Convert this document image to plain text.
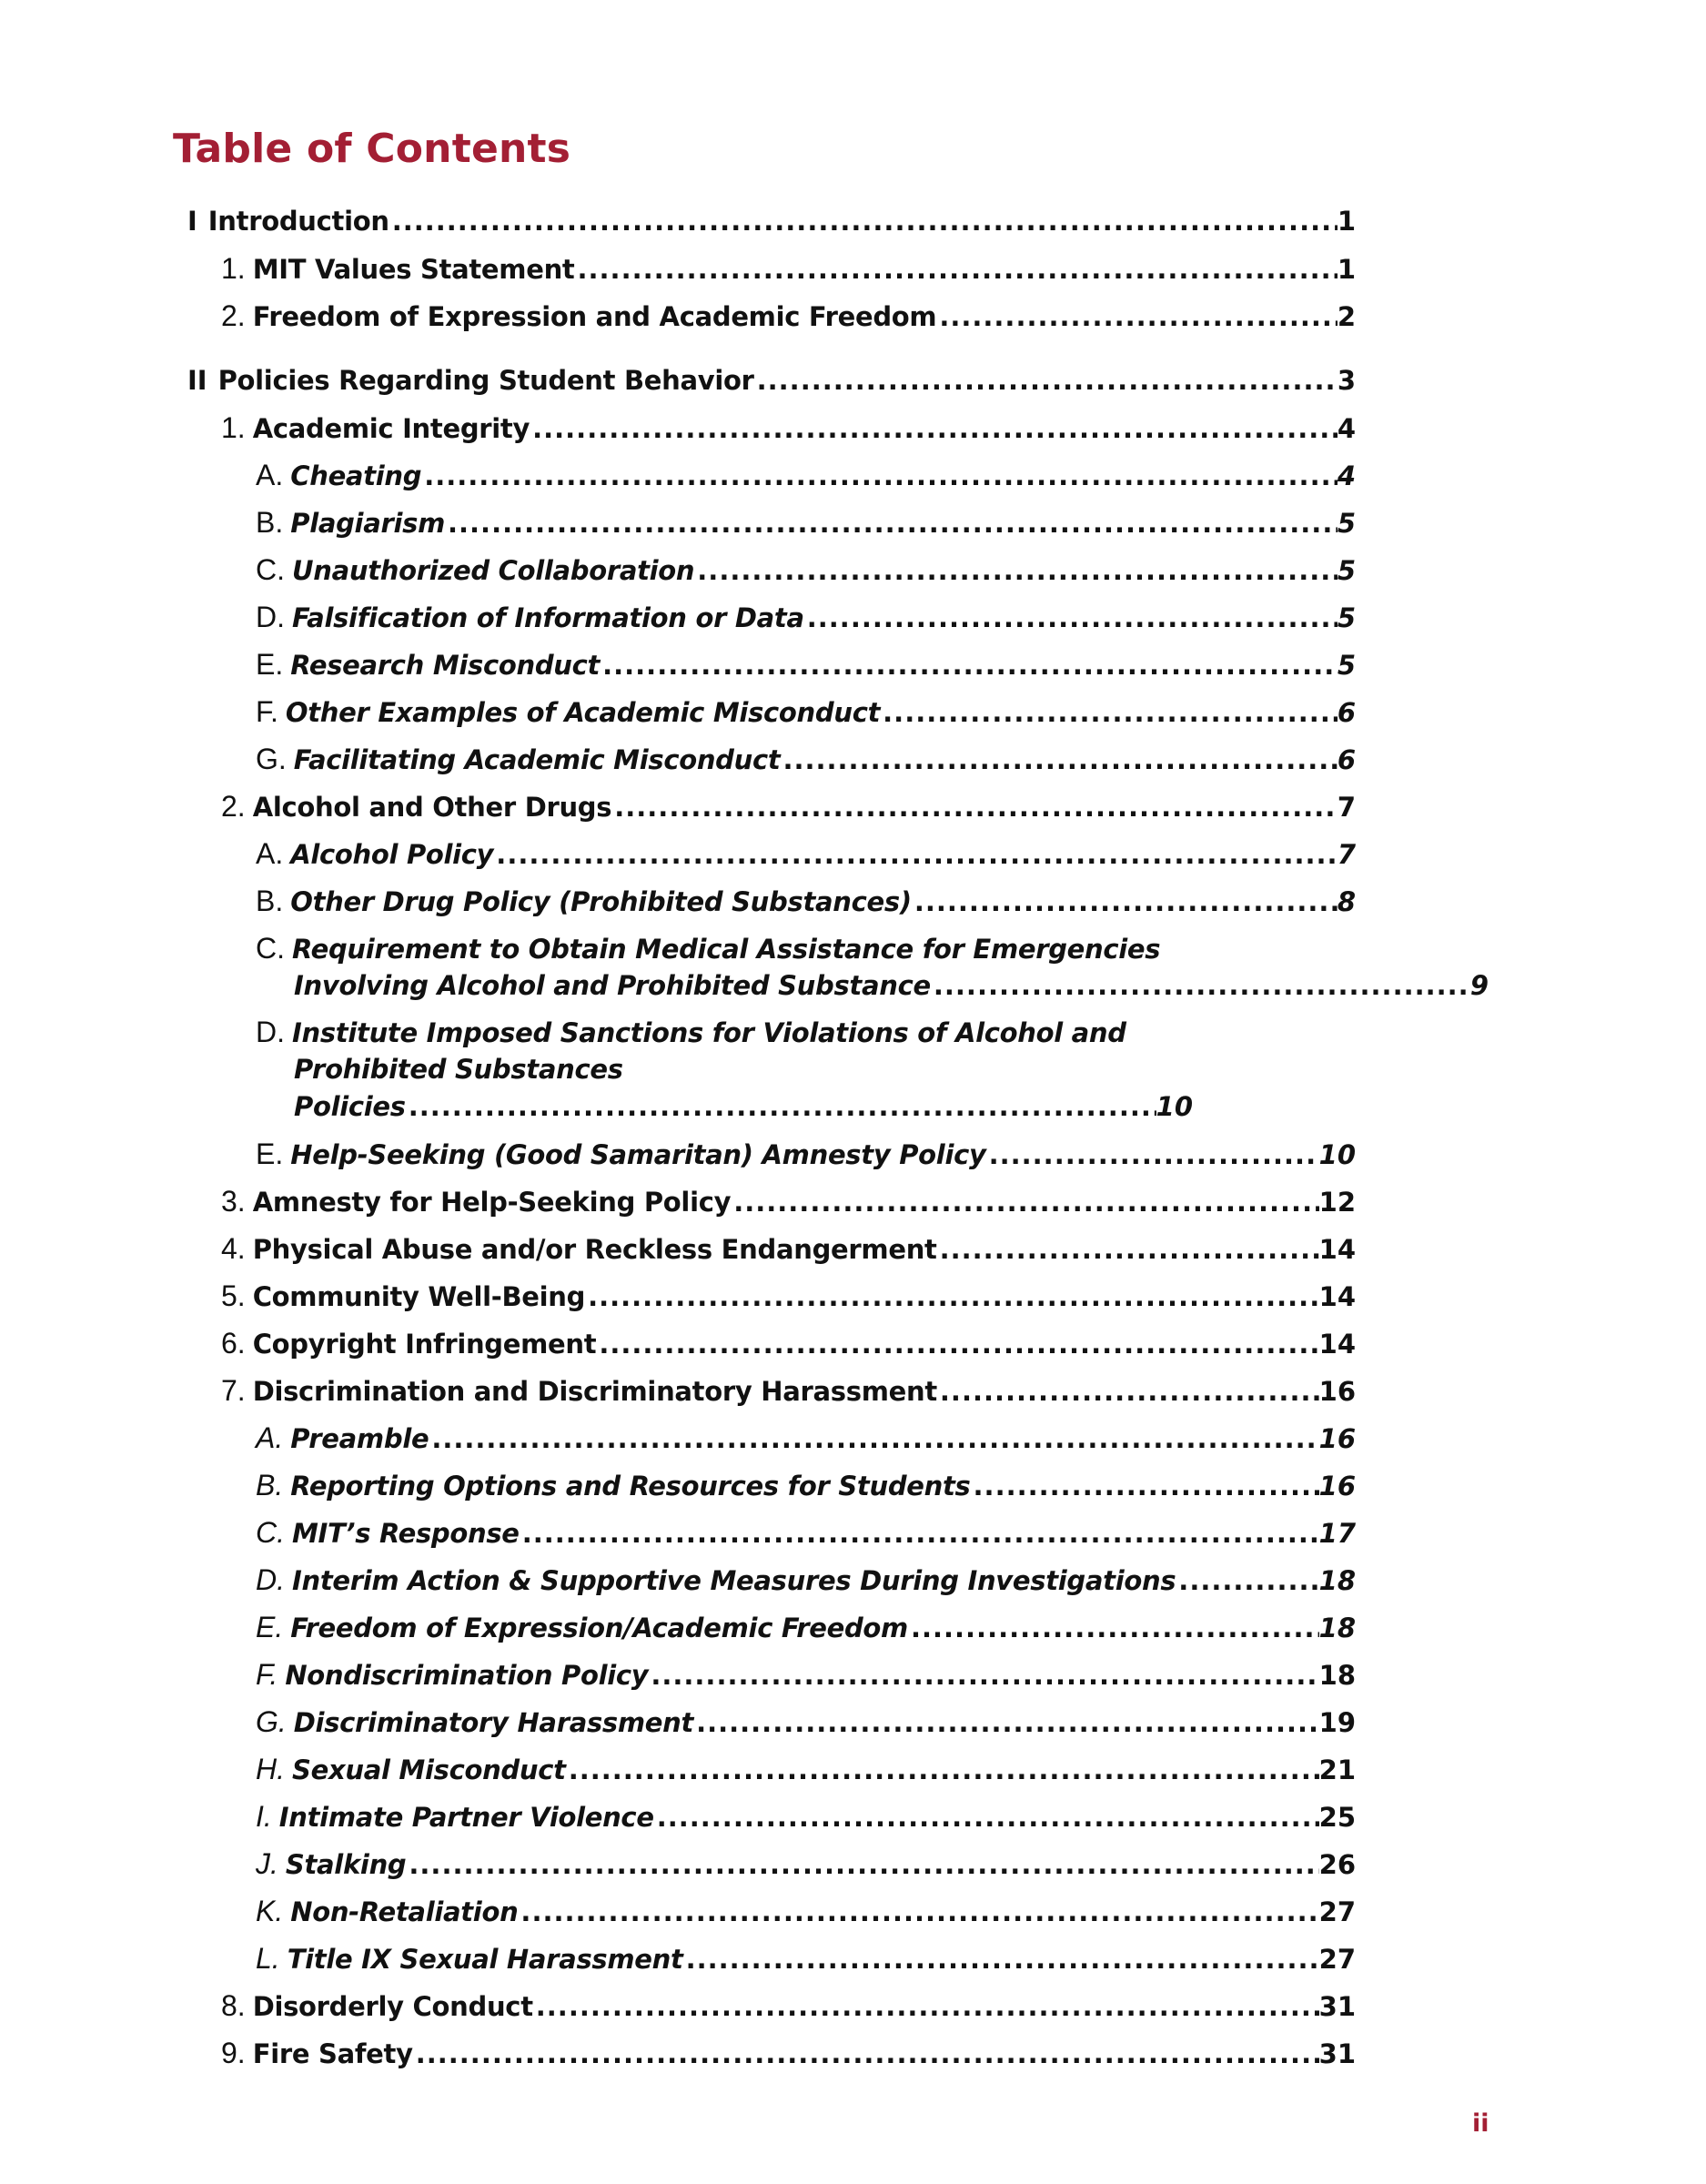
Table of Contents
I Introduction .....	1
1. MIT Values Statement .....	1
2. Freedom of Expression and Academic Freedom .....	2
II Policies Regarding Student Behavior .....	3
1. Academic Integrity .....	4
A. Cheating .....	4
B. Plagiarism .....	5
C. Unauthorized Collaboration .....	5
D. Falsification of Information or Data .....	5
E. Research Misconduct .....	5
F. Other Examples of Academic Misconduct .....	6
G. Facilitating Academic Misconduct .....	6
2. Alcohol and Other Drugs .....	7
A. Alcohol Policy .....	7
B. Other Drug Policy (Prohibited Substances) .....	8
C. Requirement to Obtain Medical Assistance for Emergencies
Involving Alcohol and Prohibited Substance .....	9
D. Institute Imposed Sanctions for Violations of Alcohol and
Prohibited Substances
Policies .....	10
E. Help-Seeking (Good Samaritan) Amnesty Policy .....	10
3. Amnesty for Help-Seeking Policy .....	12
4. Physical Abuse and/or Reckless Endangerment .....	14
5. Community Well-Being .....	14
6. Copyright Infringement .....	14
7. Discrimination and Discriminatory Harassment .....	16
A. Preamble .....	16
B. Reporting Options and Resources for Students .....	16
C. MIT’s Response .....	17
D. Interim Action & Supportive Measures During Investigations .....	18
E. Freedom of Expression/Academic Freedom .....	18
F. Nondiscrimination Policy .....	18
G. Discriminatory Harassment .....	19
H. Sexual Misconduct .....	21
I. Intimate Partner Violence .....	25
J. Stalking .....	26
K. Non-Retaliation .....	27
L. Title IX Sexual Harassment .....	27
8. Disorderly Conduct .....	31
9. Fire Safety .....	31
ii
